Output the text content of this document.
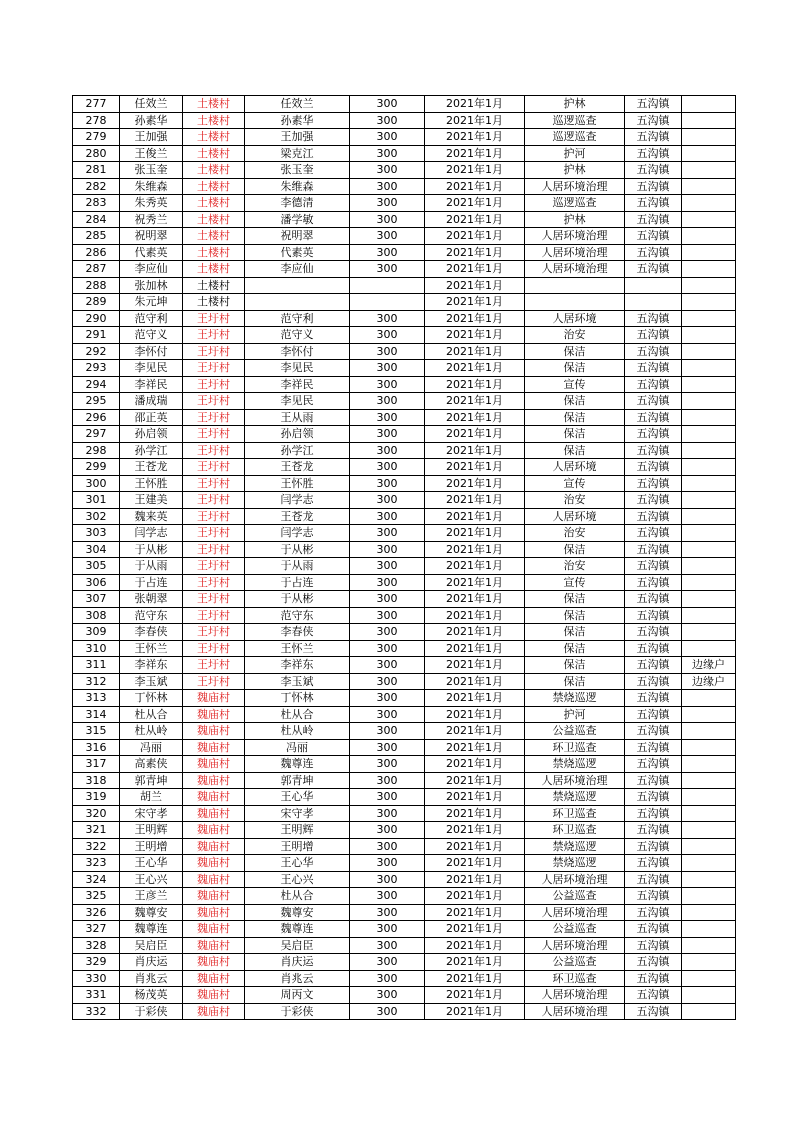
277	任效兰	土楼村	任效兰	300	2021年1月	护林	五沟镇	
278	孙素华	土楼村	孙素华	300	2021年1月	巡逻巡查	五沟镇	
279	王加强	土楼村	王加强	300	2021年1月	巡逻巡查	五沟镇	
280	王俊兰	土楼村	梁克江	300	2021年1月	护河	五沟镇	
281	张玉奎	土楼村	张玉奎	300	2021年1月	护林	五沟镇	
282	朱维森	土楼村	朱维森	300	2021年1月	人居环境治理	五沟镇	
283	朱秀英	土楼村	李德清	300	2021年1月	巡逻巡查	五沟镇	
284	祝秀兰	土楼村	潘学敏	300	2021年1月	护林	五沟镇	
285	祝明翠	土楼村	祝明翠	300	2021年1月	人居环境治理	五沟镇	
286	代素英	土楼村	代素英	300	2021年1月	人居环境治理	五沟镇	
287	李应仙	土楼村	李应仙	300	2021年1月	人居环境治理	五沟镇	
288	张加林	土楼村			2021年1月			
289	朱元坤	土楼村			2021年1月			
290	范守利	王圩村	范守利	300	2021年1月	人居环境	五沟镇	
291	范守义	王圩村	范守义	300	2021年1月	治安	五沟镇	
292	李怀付	王圩村	李怀付	300	2021年1月	保洁	五沟镇	
293	李见民	王圩村	李见民	300	2021年1月	保洁	五沟镇	
294	李祥民	王圩村	李祥民	300	2021年1月	宣传	五沟镇	
295	潘成瑞	王圩村	李见民	300	2021年1月	保洁	五沟镇	
296	邵正英	王圩村	王从雨	300	2021年1月	保洁	五沟镇	
297	孙启领	王圩村	孙启领	300	2021年1月	保洁	五沟镇	
298	孙学江	王圩村	孙学江	300	2021年1月	保洁	五沟镇	
299	王苍龙	王圩村	王苍龙	300	2021年1月	人居环境	五沟镇	
300	王怀胜	王圩村	王怀胜	300	2021年1月	宣传	五沟镇	
301	王建美	王圩村	闫学志	300	2021年1月	治安	五沟镇	
302	魏来英	王圩村	王苍龙	300	2021年1月	人居环境	五沟镇	
303	闫学志	王圩村	闫学志	300	2021年1月	治安	五沟镇	
304	于从彬	王圩村	于从彬	300	2021年1月	保洁	五沟镇	
305	于从雨	王圩村	于从雨	300	2021年1月	治安	五沟镇	
306	于占连	王圩村	于占连	300	2021年1月	宣传	五沟镇	
307	张朝翠	王圩村	于从彬	300	2021年1月	保洁	五沟镇	
308	范守东	王圩村	范守东	300	2021年1月	保洁	五沟镇	
309	李春侠	王圩村	李春侠	300	2021年1月	保洁	五沟镇	
310	王怀兰	王圩村	王怀兰	300	2021年1月	保洁	五沟镇	
311	李祥东	王圩村	李祥东	300	2021年1月	保洁	五沟镇	边缘户
312	李玉斌	王圩村	李玉斌	300	2021年1月	保洁	五沟镇	边缘户
313	丁怀林	魏庙村	丁怀林	300	2021年1月	禁烧巡逻	五沟镇	
314	杜从合	魏庙村	杜从合	300	2021年1月	护河	五沟镇	
315	杜从岭	魏庙村	杜从岭	300	2021年1月	公益巡查	五沟镇	
316	冯丽	魏庙村	冯丽	300	2021年1月	环卫巡查	五沟镇	
317	高素侠	魏庙村	魏尊连	300	2021年1月	禁烧巡逻	五沟镇	
318	郭青坤	魏庙村	郭青坤	300	2021年1月	人居环境治理	五沟镇	
319	胡兰	魏庙村	王心华	300	2021年1月	禁烧巡逻	五沟镇	
320	宋守孝	魏庙村	宋守孝	300	2021年1月	环卫巡查	五沟镇	
321	王明辉	魏庙村	王明辉	300	2021年1月	环卫巡查	五沟镇	
322	王明增	魏庙村	王明增	300	2021年1月	禁烧巡逻	五沟镇	
323	王心华	魏庙村	王心华	300	2021年1月	禁烧巡逻	五沟镇	
324	王心兴	魏庙村	王心兴	300	2021年1月	人居环境治理	五沟镇	
325	王彦兰	魏庙村	杜从合	300	2021年1月	公益巡查	五沟镇	
326	魏尊安	魏庙村	魏尊安	300	2021年1月	人居环境治理	五沟镇	
327	魏尊连	魏庙村	魏尊连	300	2021年1月	公益巡查	五沟镇	
328	吴启臣	魏庙村	吴启臣	300	2021年1月	人居环境治理	五沟镇	
329	肖庆运	魏庙村	肖庆运	300	2021年1月	公益巡查	五沟镇	
330	肖兆云	魏庙村	肖兆云	300	2021年1月	环卫巡查	五沟镇	
331	杨茂英	魏庙村	周丙文	300	2021年1月	人居环境治理	五沟镇	
332	于彩侠	魏庙村	于彩侠	300	2021年1月	人居环境治理	五沟镇	
